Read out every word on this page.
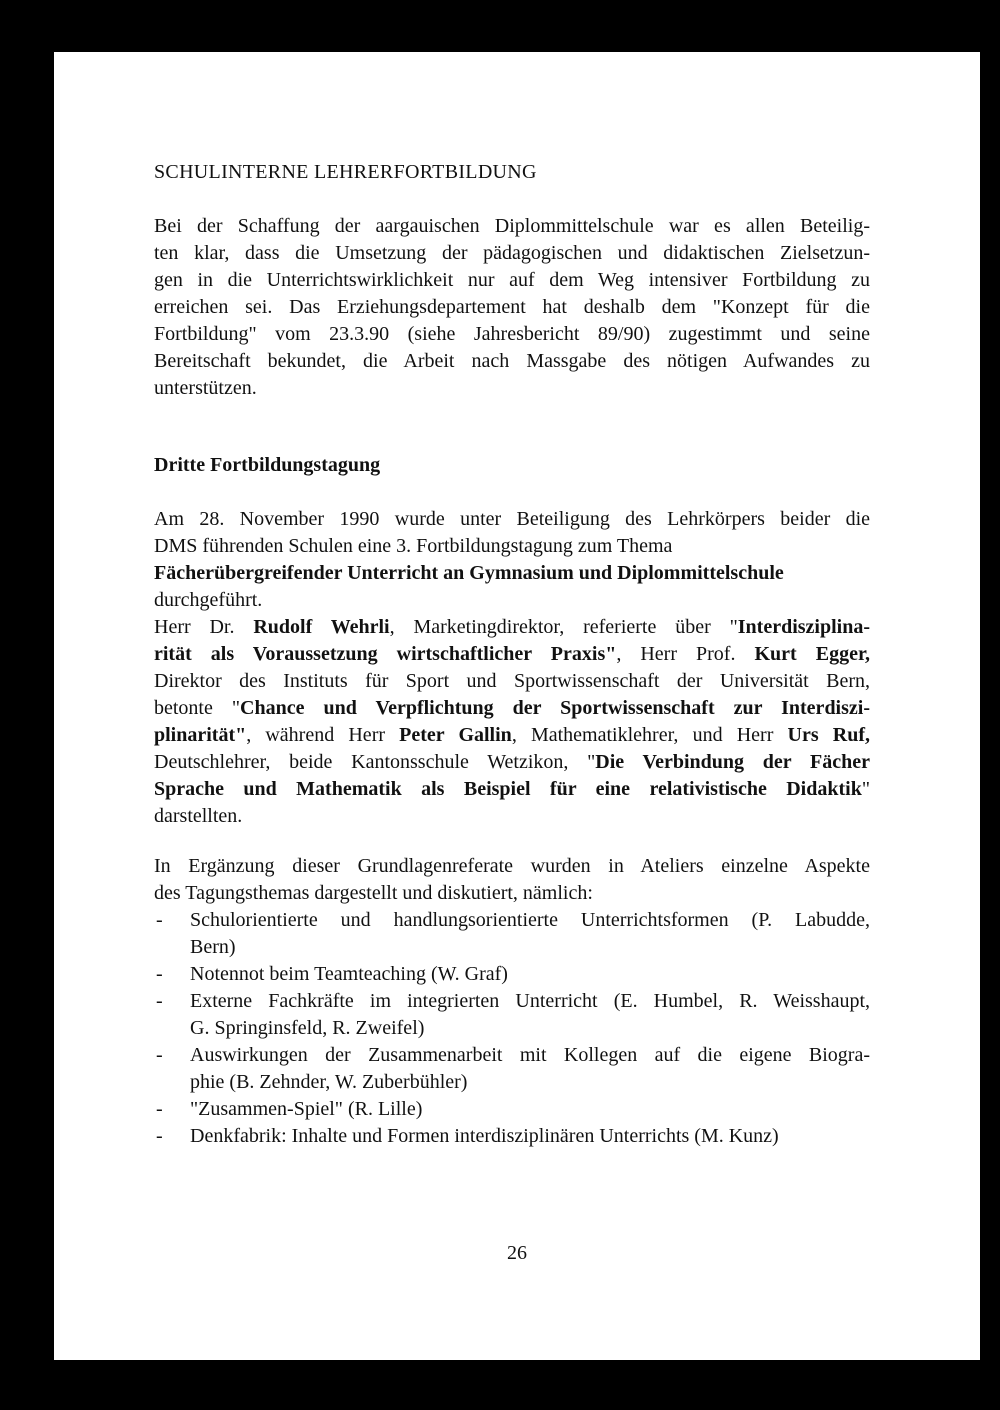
SCHULINTERNE LEHRERFORTBILDUNG
Bei der Schaffung der aargauischen Diplommittelschule war es allen Beteilig-
ten klar, dass die Umsetzung der pädagogischen und didaktischen Zielsetzun-
gen in die Unterrichtswirklichkeit nur auf dem Weg intensiver Fortbildung zu
erreichen sei. Das Erziehungsdepartement hat deshalb dem "Konzept für die
Fortbildung" vom 23.3.90 (siehe Jahresbericht 89/90) zugestimmt und seine
Bereitschaft bekundet, die Arbeit nach Massgabe des nötigen Aufwandes zu
unterstützen.
Dritte Fortbildungstagung
Am 28. November 1990 wurde unter Beteiligung des Lehrkörpers beider die
DMS führenden Schulen eine 3. Fortbildungstagung zum Thema
Fächerübergreifender Unterricht an Gymnasium und Diplommittelschule
durchgeführt.
Herr Dr. Rudolf Wehrli, Marketingdirektor, referierte über "Interdisziplina-
rität als Voraussetzung wirtschaftlicher Praxis", Herr Prof. Kurt Egger,
Direktor des Instituts für Sport und Sportwissenschaft der Universität Bern,
betonte "Chance und Verpflichtung der Sportwissenschaft zur Interdiszi-
plinarität", während Herr Peter Gallin, Mathematiklehrer, und Herr Urs Ruf,
Deutschlehrer, beide Kantonsschule Wetzikon, "Die Verbindung der Fächer
Sprache und Mathematik als Beispiel für eine relativistische Didaktik"
darstellten.
In Ergänzung dieser Grundlagenreferate wurden in Ateliers einzelne Aspekte
des Tagungsthemas dargestellt und diskutiert, nämlich:
- Schulorientierte und handlungsorientierte Unterrichtsformen (P. Labudde,
Bern)
- Notennot beim Teamteaching (W. Graf)
- Externe Fachkräfte im integrierten Unterricht (E. Humbel, R. Weisshaupt,
G. Springinsfeld, R. Zweifel)
- Auswirkungen der Zusammenarbeit mit Kollegen auf die eigene Biogra-
phie (B. Zehnder, W. Zuberbühler)
- "Zusammen-Spiel" (R. Lille)
- Denkfabrik: Inhalte und Formen interdisziplinären Unterrichts (M. Kunz)
26
